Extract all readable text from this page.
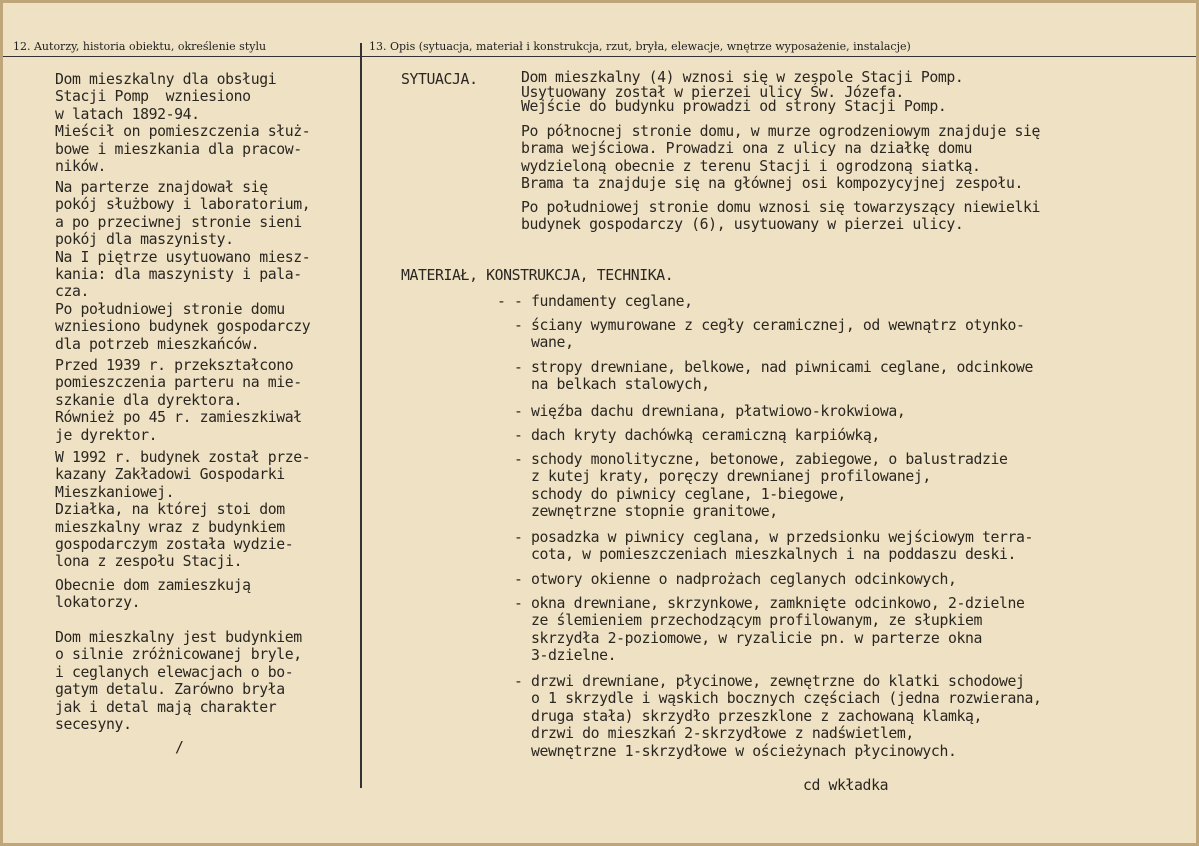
12. Autorzy, historia obiektu, określenie stylu	13. Opis (sytuacja, materiał i konstrukcja, rzut, bryła, elewacje, wnętrze wyposażenie, instalacje)

Dom mieszkalny dla obsługi
Stacji Pomp  wzniesiono
w latach 1892-94.
Mieścił on pomieszczenia służ-
bowe i mieszkania dla pracow-
ników.

Na parterze znajdował się
pokój służbowy i laboratorium,
a po przeciwnej stronie sieni
pokój dla maszynisty.
Na I piętrze usytuowano miesz-
kania: dla maszynisty i pala-
cza.
Po południowej stronie domu
wzniesiono budynek gospodarczy
dla potrzeb mieszkańców.

Przed 1939 r. przekształcono
pomieszczenia parteru na mie-
szkanie dla dyrektora.
Również po 45 r. zamieszkiwał
je dyrektor.

W 1992 r. budynek został prze-
kazany Zakładowi Gospodarki
Mieszkaniowej.
Działka, na której stoi dom
mieszkalny wraz z budynkiem
gospodarczym została wydzie-
lona z zespołu Stacji.

Obecnie dom zamieszkują
lokatorzy.

Dom mieszkalny jest budynkiem
o silnie zróżnicowanej bryle,
i ceglanych elewacjach o bo-
gatym detalu. Zarówno bryła
jak i detal mają charakter
secesyny.

/

SYTUACJA.	Dom mieszkalny (4) wznosi się w zespole Stacji Pomp.
Usytuowany został w pierzei ulicy Św. Józefa.
Wejście do budynku prowadzi od strony Stacji Pomp.

Po północnej stronie domu, w murze ogrodzeniowym znajduje się
brama wejściowa. Prowadzi ona z ulicy na działkę domu
wydzieloną obecnie z terenu Stacji i ogrodzoną siatką.
Brama ta znajduje się na głównej osi kompozycyjnej zespołu.

Po południowej stronie domu wznosi się towarzyszący niewielki
budynek gospodarczy (6), usytuowany w pierzei ulicy.

MATERIAŁ, KONSTRUKCJA, TECHNIKA.

- - fundamenty ceglane,

- ściany wymurowane z cegły ceramicznej, od wewnątrz otynko-
wane,

- stropy drewniane, belkowe, nad piwnicami ceglane, odcinkowe
na belkach stalowych,

- więźba dachu drewniana, płatwiowo-krokwiowa,

- dach kryty dachówką ceramiczną karpiówką,

- schody monolityczne, betonowe, zabiegowe, o balustradzie
z kutej kraty, poręczy drewnianej profilowanej,
schody do piwnicy ceglane, 1-biegowe,
zewnętrzne stopnie granitowe,

- posadzka w piwnicy ceglana, w przedsionku wejściowym terra-
cota, w pomieszczeniach mieszkalnych i na poddaszu deski.

- otwory okienne o nadprożach ceglanych odcinkowych,

- okna drewniane, skrzynkowe, zamknięte odcinkowo, 2-dzielne
ze ślemieniem przechodzącym profilowanym, ze słupkiem
skrzydła 2-poziomowe, w ryzalicie pn. w parterze okna
3-dzielne.

- drzwi drewniane, płycinowe, zewnętrzne do klatki schodowej
o 1 skrzydle i wąskich bocznych częściach (jedna rozwierana,
druga stała) skrzydło przeszklone z zachowaną klamką,
drzwi do mieszkań 2-skrzydłowe z nadświetlem,
wewnętrzne 1-skrzydłowe w ościeżynach płycinowych.

cd wkładka
